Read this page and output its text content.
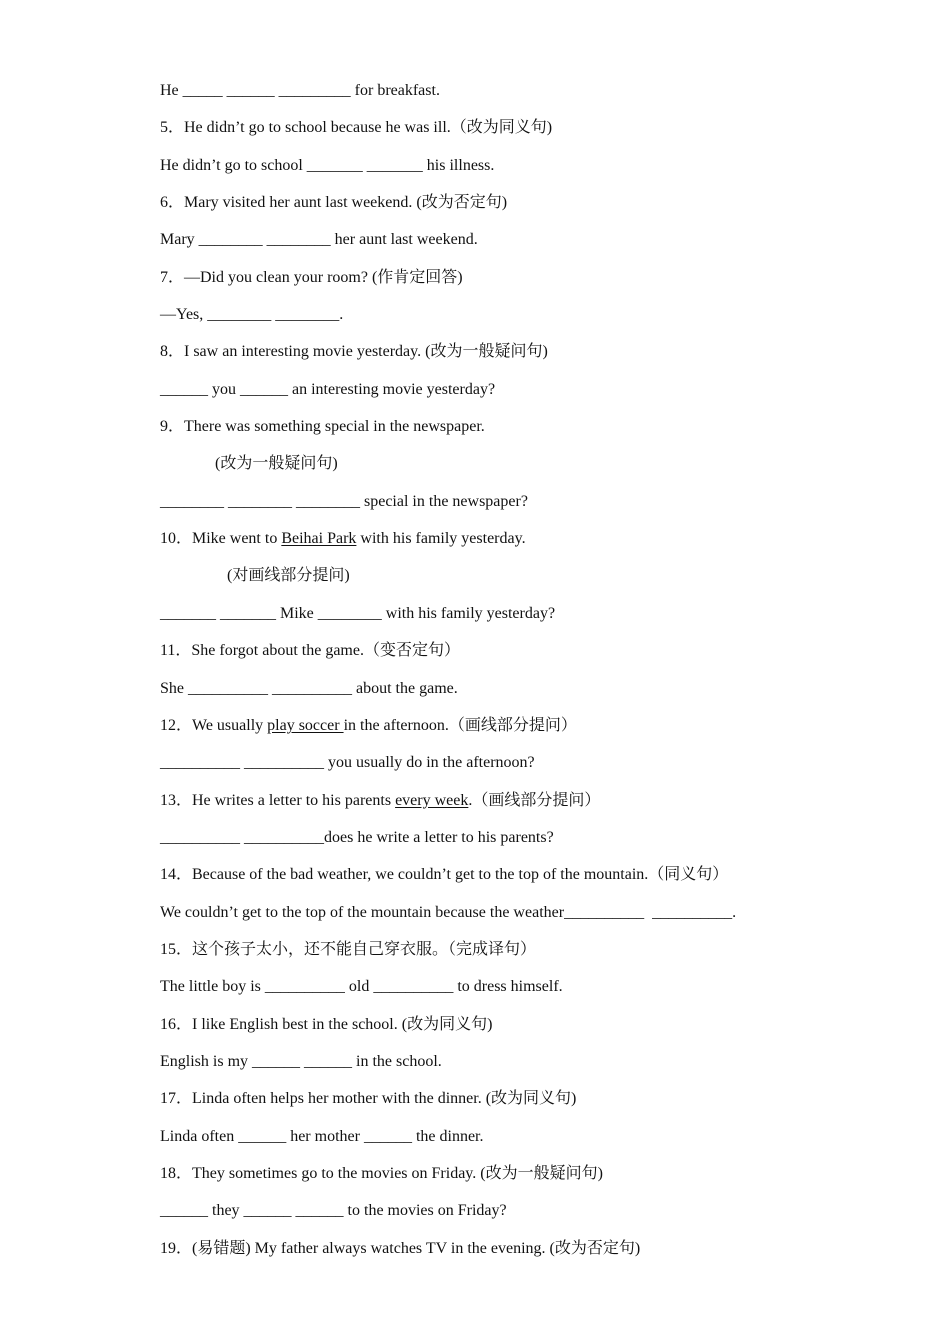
He _____ ______ _________ for breakfast.
5．He didn’t go to school because he was ill.（改为同义句)
He didn’t go to school _______ _______ his illness.
6．Mary visited her aunt last weekend. (改为否定句)
Mary ________ ________ her aunt last weekend.
7．—Did you clean your room? (作肯定回答)
—Yes, ________ ________.
8．I saw an interesting movie yesterday. (改为一般疑问句)
______ you ______ an interesting movie yesterday?
9．There was something special in the newspaper.
(改为一般疑问句)
________ ________ ________ special in the newspaper?
10．Mike went to Beihai Park with his family yesterday.
(对画线部分提问)
_______ _______ Mike ________ with his family yesterday?
11．She forgot about the game.（变否定句）
She __________ __________ about the game.
12．We usually play soccer in the afternoon.（画线部分提问）
__________ __________ you usually do in the afternoon?
13．He writes a letter to his parents every week.（画线部分提问）
__________ __________does he write a letter to his parents?
14．Because of the bad weather, we couldn’t get to the top of the mountain.（同义句）
We couldn’t get to the top of the mountain because the weather__________  __________.
15．这个孩子太小，还不能自己穿衣服。（完成译句）
The little boy is __________ old __________ to dress himself.
16．I like English best in the school. (改为同义句)
English is my ______ ______ in the school.
17．Linda often helps her mother with the dinner. (改为同义句)
Linda often ______ her mother ______ the dinner.
18．They sometimes go to the movies on Friday. (改为一般疑问句)
______ they ______ ______ to the movies on Friday?
19．(易错题) My father always watches TV in the evening. (改为否定句)
